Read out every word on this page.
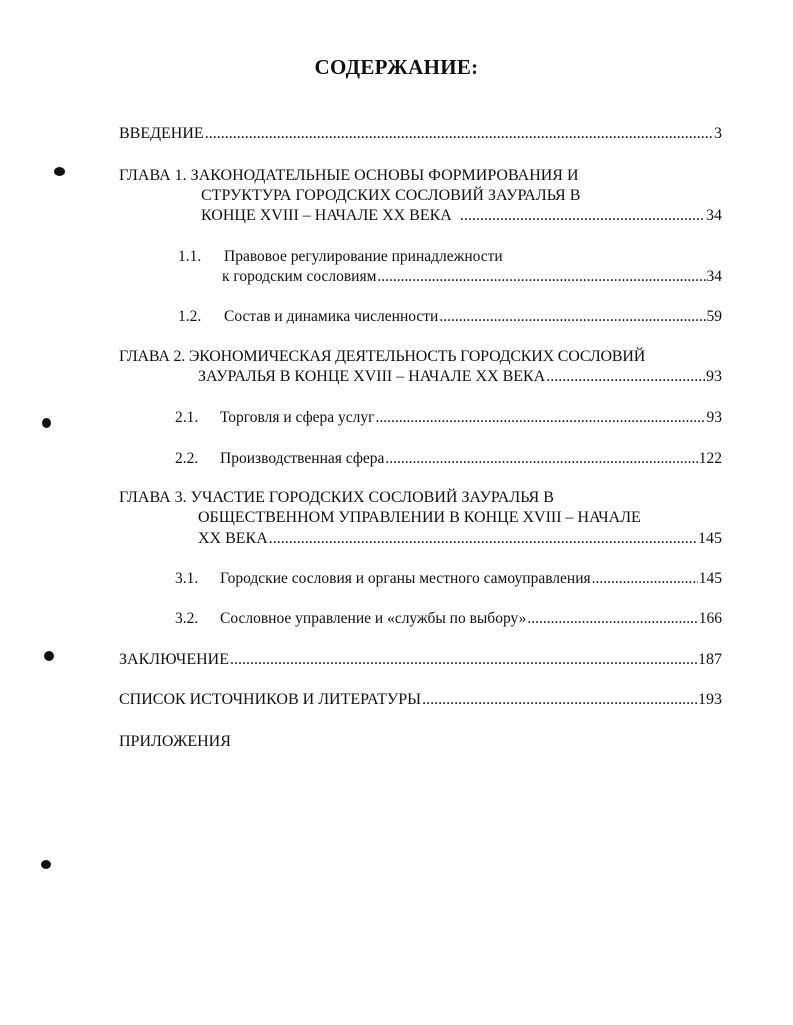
СОДЕРЖАНИЕ:
ВВЕДЕНИЕ .....	3
ГЛАВА 1. ЗАКОНОДАТЕЛЬНЫЕ ОСНОВЫ ФОРМИРОВАНИЯ И
СТРУКТУРА ГОРОДСКИХ СОСЛОВИЙ ЗАУРАЛЬЯ В
КОНЦЕ XVIII – НАЧАЛЕ XX ВЕКА .....	34
1.1. Правовое регулирование принадлежности
к городским сословиям .....	34
1.2. Состав и динамика численности .....	59
ГЛАВА 2. ЭКОНОМИЧЕСКАЯ ДЕЯТЕЛЬНОСТЬ ГОРОДСКИХ СОСЛОВИЙ
ЗАУРАЛЬЯ В КОНЦЕ XVIII – НАЧАЛЕ XX ВЕКА .....	93
2.1. Торговля и сфера услуг .....	93
2.2. Производственная сфера .....	122
ГЛАВА 3. УЧАСТИЕ ГОРОДСКИХ СОСЛОВИЙ ЗАУРАЛЬЯ В
ОБЩЕСТВЕННОМ УПРАВЛЕНИИ В КОНЦЕ XVIII – НАЧАЛЕ
XX ВЕКА .....	145
3.1. Городские сословия и органы местного самоуправления .....	145
3.2. Сословное управление и «службы по выбору» .....	166
ЗАКЛЮЧЕНИЕ .....	187
СПИСОК ИСТОЧНИКОВ И ЛИТЕРАТУРЫ .....	193
ПРИЛОЖЕНИЯ
